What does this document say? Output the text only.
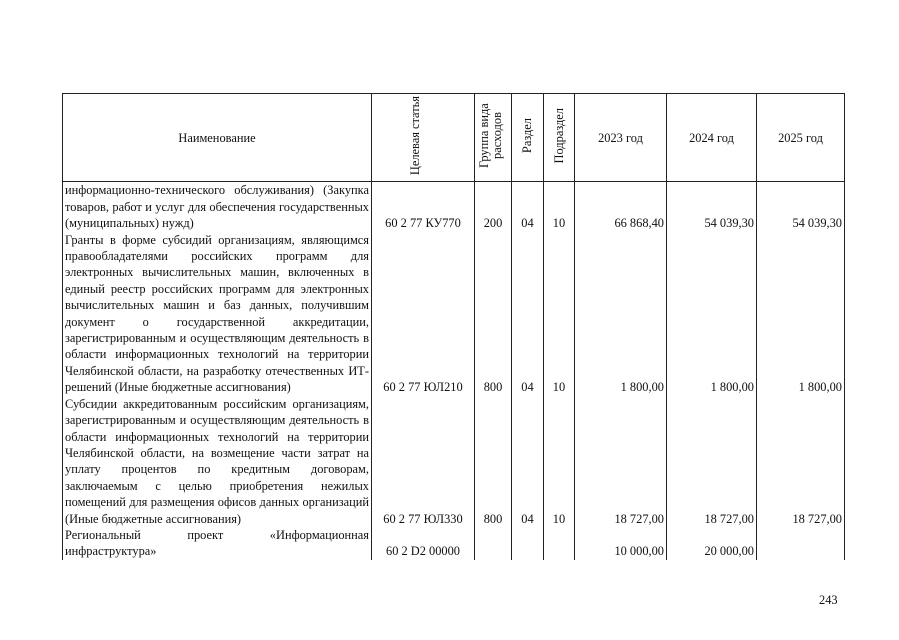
Наименование	Целевая статья	Группа вида расходов	Раздел	Подраздел	2023 год	2024 год	2025 год
информационно-технического обслуживания) (Закупка товаров, работ и услуг для обеспечения государственных (муниципальных) нужд)	60 2 77 КУ770	200	04	10	66 868,40	54 039,30	54 039,30
Гранты в форме субсидий организациям, являющимся правообладателями российских программ для электронных вычислительных машин, включенных в единый реестр российских программ для электронных вычислительных машин и баз данных, получившим документ о государственной аккредитации, зарегистрированным и осуществляющим деятельность в области информационных технологий на территории Челябинской области, на разработку отечественных ИТ-решений (Иные бюджетные ассигнования)	60 2 77 ЮЛ210	800	04	10	1 800,00	1 800,00	1 800,00
Субсидии аккредитованным российским организациям, зарегистрированным и осуществляющим деятельность в области информационных технологий на территории Челябинской области, на возмещение части затрат на уплату процентов по кредитным договорам, заключаемым с целью приобретения нежилых помещений для размещения офисов данных организаций (Иные бюджетные ассигнования)	60 2 77 ЮЛ330	800	04	10	18 727,00	18 727,00	18 727,00
Региональный проект «Информационная инфраструктура»	60 2 D2 00000				10 000,00	20 000,00	
243
